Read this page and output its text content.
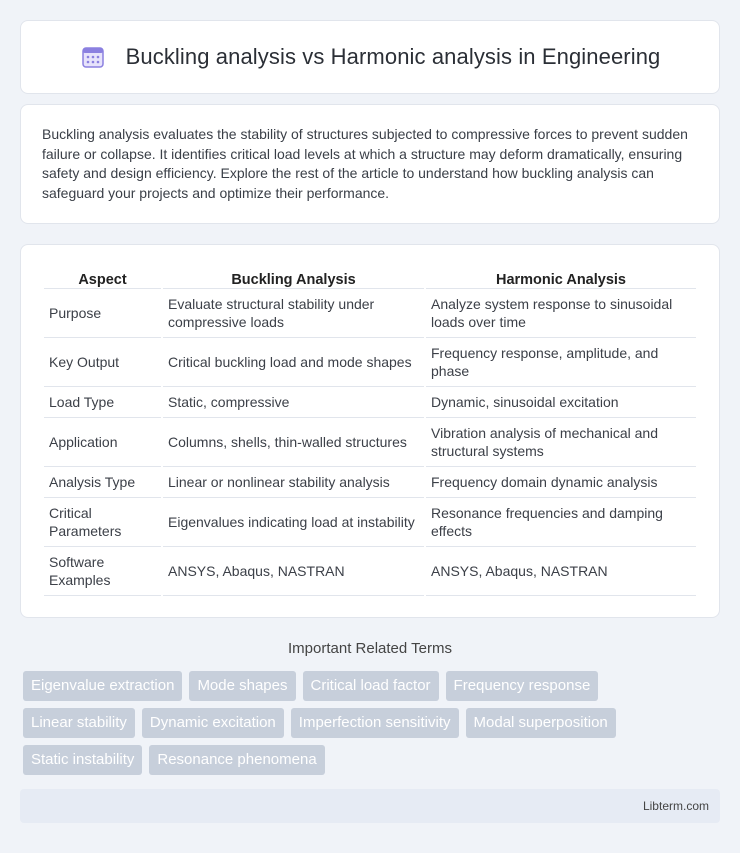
Buckling analysis vs Harmonic analysis in Engineering

Buckling analysis evaluates the stability of structures subjected to compressive forces to prevent sudden failure or collapse. It identifies critical load levels at which a structure may deform dramatically, ensuring safety and design efficiency. Explore the rest of the article to understand how buckling analysis can safeguard your projects and optimize their performance.

Aspect	Buckling Analysis	Harmonic Analysis
Purpose	Evaluate structural stability under compressive loads	Analyze system response to sinusoidal loads over time
Key Output	Critical buckling load and mode shapes	Frequency response, amplitude, and phase
Load Type	Static, compressive	Dynamic, sinusoidal excitation
Application	Columns, shells, thin-walled structures	Vibration analysis of mechanical and structural systems
Analysis Type	Linear or nonlinear stability analysis	Frequency domain dynamic analysis
Critical Parameters	Eigenvalues indicating load at instability	Resonance frequencies and damping effects
Software Examples	ANSYS, Abaqus, NASTRAN	ANSYS, Abaqus, NASTRAN
Important Related Terms
Eigenvalue extraction	Mode shapes	Critical load factor	Frequency response
Linear stability	Dynamic excitation	Imperfection sensitivity	Modal superposition
Static instability	Resonance phenomena
Libterm.com
